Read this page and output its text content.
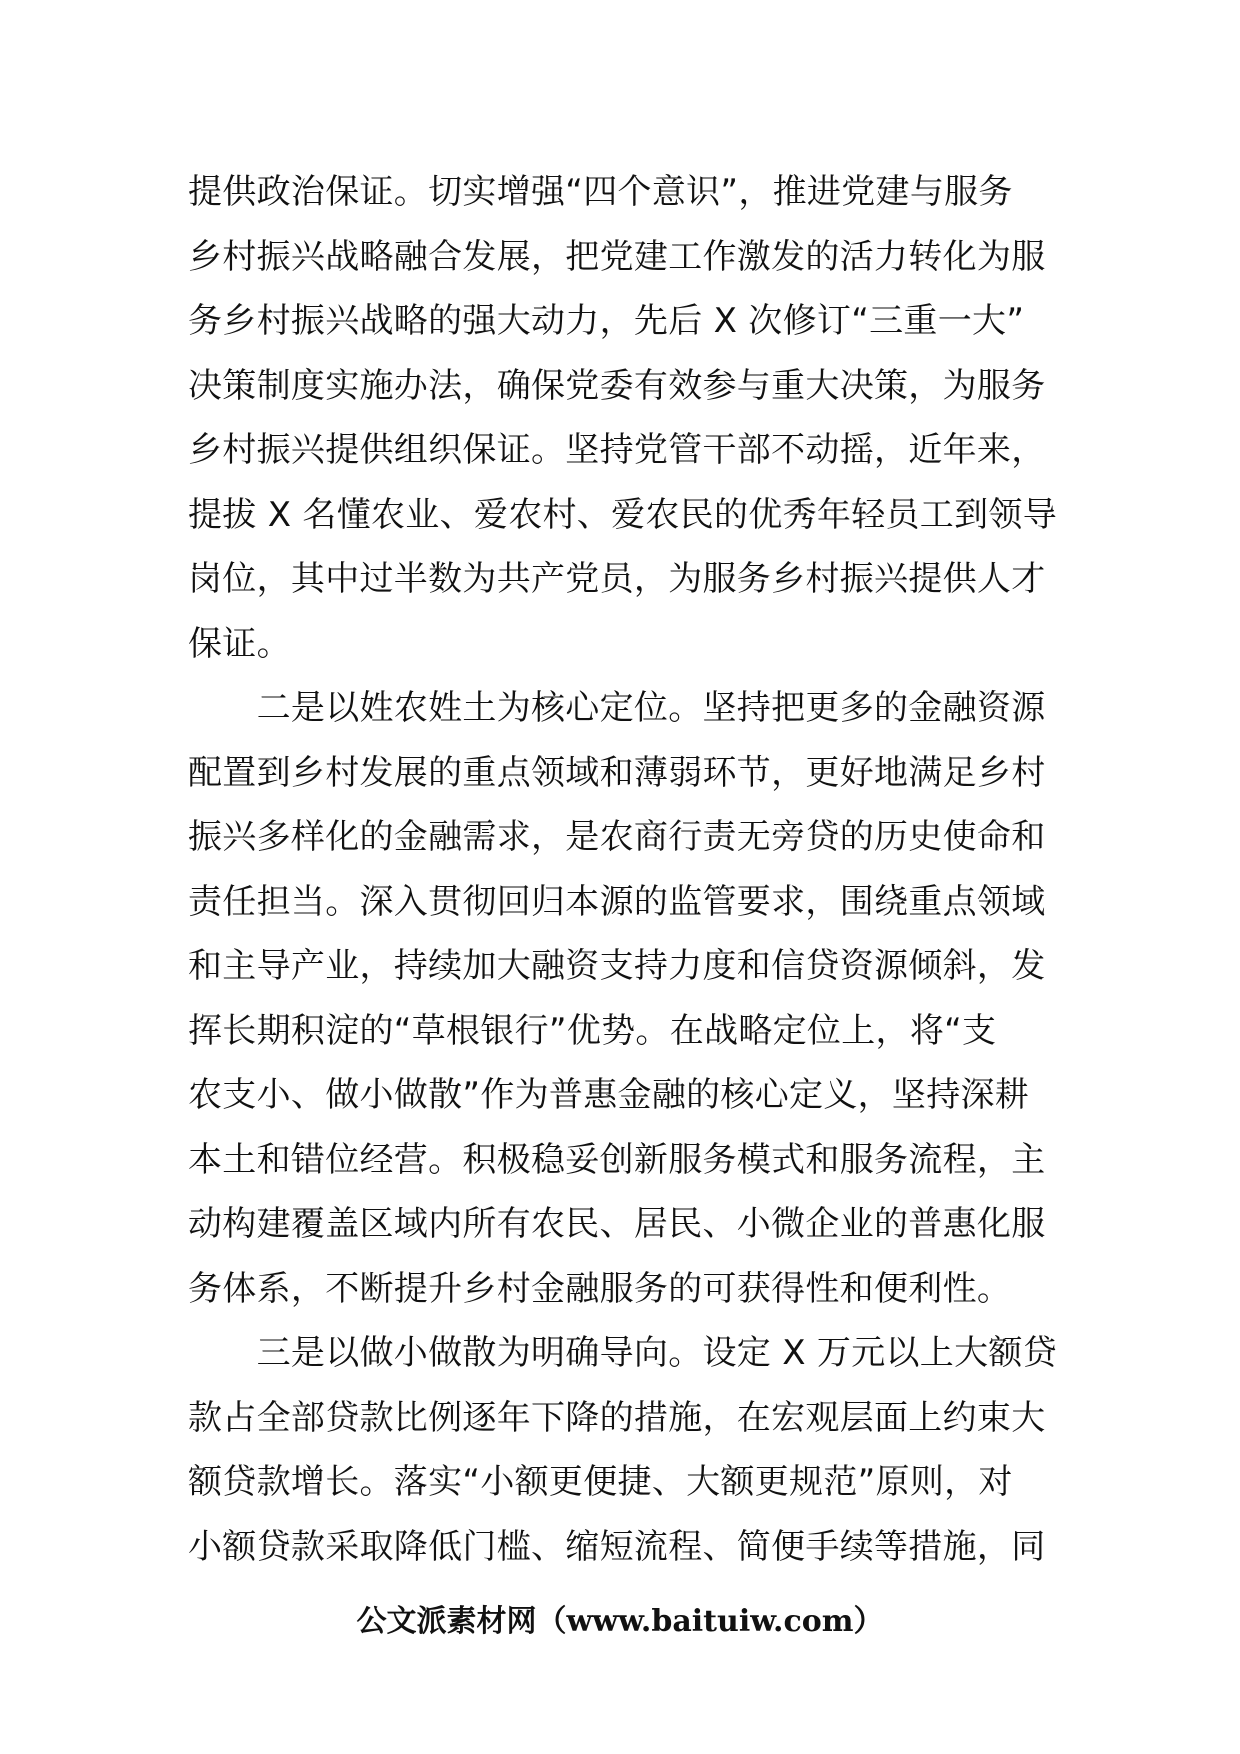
提供政治保证。切实增强“四个意识”，推进党建与服务
乡村振兴战略融合发展，把党建工作激发的活力转化为服
务乡村振兴战略的强大动力，先后 X 次修订“三重一大”
决策制度实施办法，确保党委有效参与重大决策，为服务
乡村振兴提供组织保证。坚持党管干部不动摇，近年来，
提拔 X 名懂农业、爱农村、爱农民的优秀年轻员工到领导
岗位，其中过半数为共产党员，为服务乡村振兴提供人才
保证。
　　二是以姓农姓土为核心定位。坚持把更多的金融资源
配置到乡村发展的重点领域和薄弱环节，更好地满足乡村
振兴多样化的金融需求，是农商行责无旁贷的历史使命和
责任担当。深入贯彻回归本源的监管要求，围绕重点领域
和主导产业，持续加大融资支持力度和信贷资源倾斜，发
挥长期积淀的“草根银行”优势。在战略定位上，将“支
农支小、做小做散”作为普惠金融的核心定义，坚持深耕
本土和错位经营。积极稳妥创新服务模式和服务流程，主
动构建覆盖区域内所有农民、居民、小微企业的普惠化服
务体系，不断提升乡村金融服务的可获得性和便利性。
　　三是以做小做散为明确导向。设定 X 万元以上大额贷
款占全部贷款比例逐年下降的措施，在宏观层面上约束大
额贷款增长。落实“小额更便捷、大额更规范”原则，对
小额贷款采取降低门槛、缩短流程、简便手续等措施，同
公文派素材网（www.baituiw.com）
